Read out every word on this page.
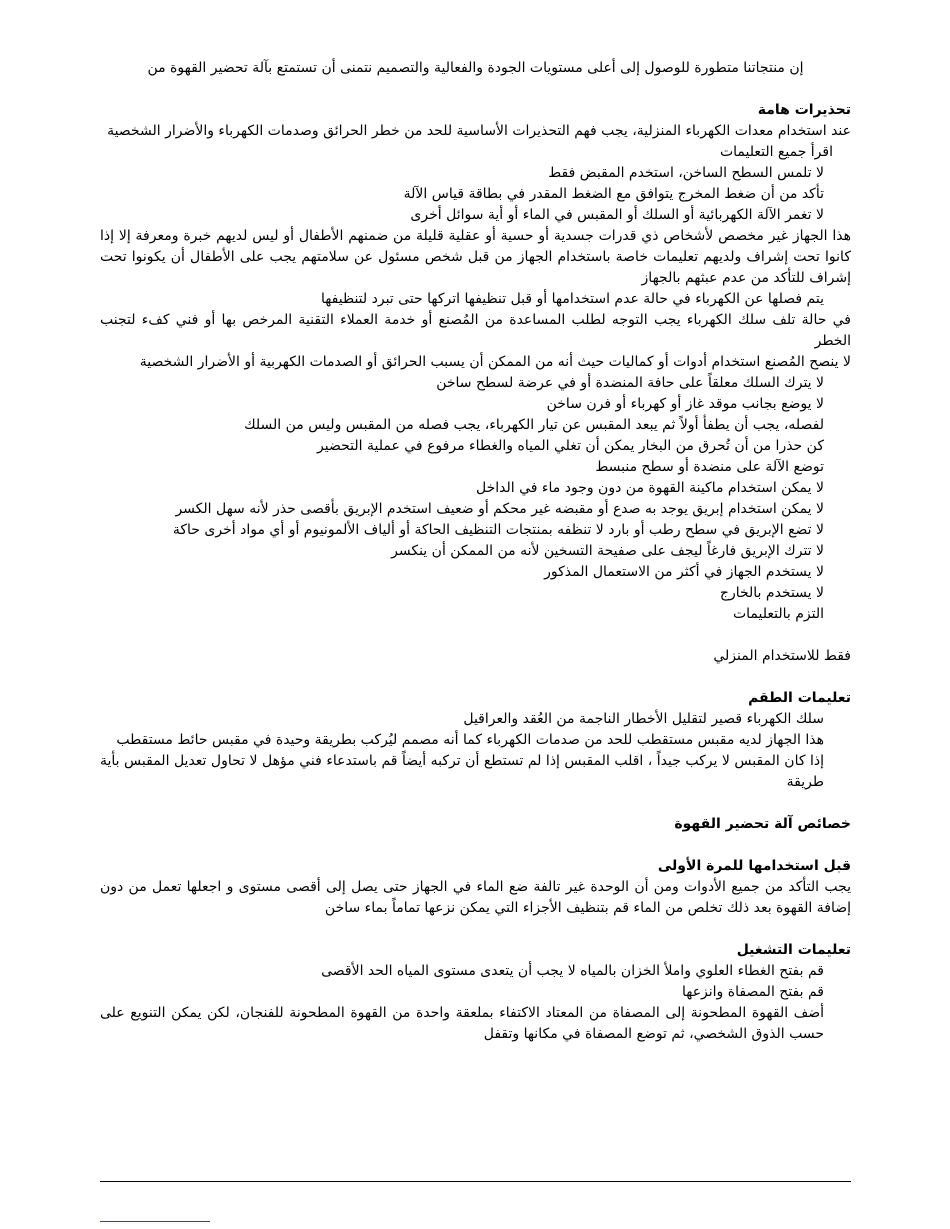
إن منتجاتنا متطورة للوصول إلى أعلى مستويات الجودة والفعالية والتصميم نتمنى أن تستمتع بآلة تحضير القهوة من

تحذيرات هامة

عند استخدام معدات الكهرباء المنزلية، يجب فهم التحذيرات الأساسية للحد من خطر الحرائق وصدمات الكهرباء والأضرار الشخصية

اقرأ جميع التعليمات

لا تلمس السطح الساخن، استخدم المقبض فقط

تأكد من أن ضغط المخرج يتوافق مع الضغط المقدر في بطاقة قياس الآلة

لا تغمر الآلة الكهربائية أو السلك أو المقبس في الماء أو أية سوائل أخرى

هذا الجهاز غير مخصص لأشخاص ذي قدرات جسدية أو حسية أو عقلية قليلة من ضمنهم الأطفال أو ليس لديهم خبرة ومعرفة إلا إذا كانوا تحت إشراف ولديهم تعليمات خاصة باستخدام الجهاز من قبل شخص مسئول عن سلامتهم يجب على الأطفال أن يكونوا تحت إشراف للتأكد من عدم عبثهم بالجهاز

يتم فصلها عن الكهرباء في حالة عدم استخدامها أو قبل تنظيفها اتركها حتى تبرد لتنظيفها

في حالة تلف سلك الكهرباء يجب التوجه لطلب المساعدة من المُصنع أو خدمة العملاء التقنية المرخص بها أو فني كفء لتجنب الخطر

لا ينصح المُصنع استخدام أدوات أو كماليات حيث أنه من الممكن أن يسبب الحرائق أو الصدمات الكهربية أو الأضرار الشخصية

لا يترك السلك معلقاً على حافة المنضدة أو في عرضة لسطح ساخن

لا يوضع بجانب موقد غاز أو كهرباء أو فرن ساخن

لفصله، يجب أن يطفأ أولاً ثم يبعد المقبس عن تيار الكهرباء، يجب فصله من المقبس وليس من السلك

كن حذرا من أن تُحرق من البخار يمكن أن تغلي المياه والغطاء مرفوع في عملية التحضير

توضع الآلة على منضدة أو سطح منبسط

لا يمكن استخدام ماكينة القهوة من دون وجود ماء في الداخل

لا يمكن استخدام إبريق يوجد به صدع أو مقبضه غير محكم أو ضعيف استخدم الإبريق بأقصى حذر لأنه سهل الكسر

لا تضع الإبريق في سطح رطب أو بارد لا تنظفه بمنتجات التنظيف الحاكة أو ألياف الألمونيوم أو أي مواد أخرى حاكة

لا تترك الإبريق فارغاً ليجف على صفيحة التسخين لأنه من الممكن أن ينكسر

لا يستخدم الجهاز في أكثر من الاستعمال المذكور

لا يستخدم بالخارج

التزم بالتعليمات

فقط للاستخدام المنزلي

تعليمات الطقم

سلك الكهرباء قصير لتقليل الأخطار الناجمة من العُقد والعراقيل

هذا الجهاز لديه مقبس مستقطب للحد من صدمات الكهرباء كما أنه مصمم ليُركب بطريقة وحيدة في مقبس حائط مستقطب

إذا كان المقبس لا يركب جيداً ، اقلب المقبس إذا لم تستطع أن تركبه أيضاً قم باستدعاء فني مؤهل لا تحاول تعديل المقبس بأية طريقة

خصائص آلة تحضير القهوة

قبل استخدامها للمرة الأولى

يجب التأكد من جميع الأدوات ومن أن الوحدة غير تالفة ضع الماء في الجهاز حتى يصل إلى أقصى مستوى و اجعلها تعمل من دون إضافة القهوة بعد ذلك تخلص من الماء قم بتنظيف الأجزاء التي يمكن نزعها تماماً بماء ساخن

تعليمات التشغيل

قم بفتح الغطاء العلوي واملأ الخزان بالمياه لا يجب أن يتعدى مستوى المياه الحد الأقصى

قم بفتح المصفاة وانزعها

أضف القهوة المطحونة إلى المصفاة من المعتاد الاكتفاء بملعقة واحدة من القهوة المطحونة للفنجان، لكن يمكن التنويع على حسب الذوق الشخصي، ثم توضع المصفاة في مكانها وتقفل
